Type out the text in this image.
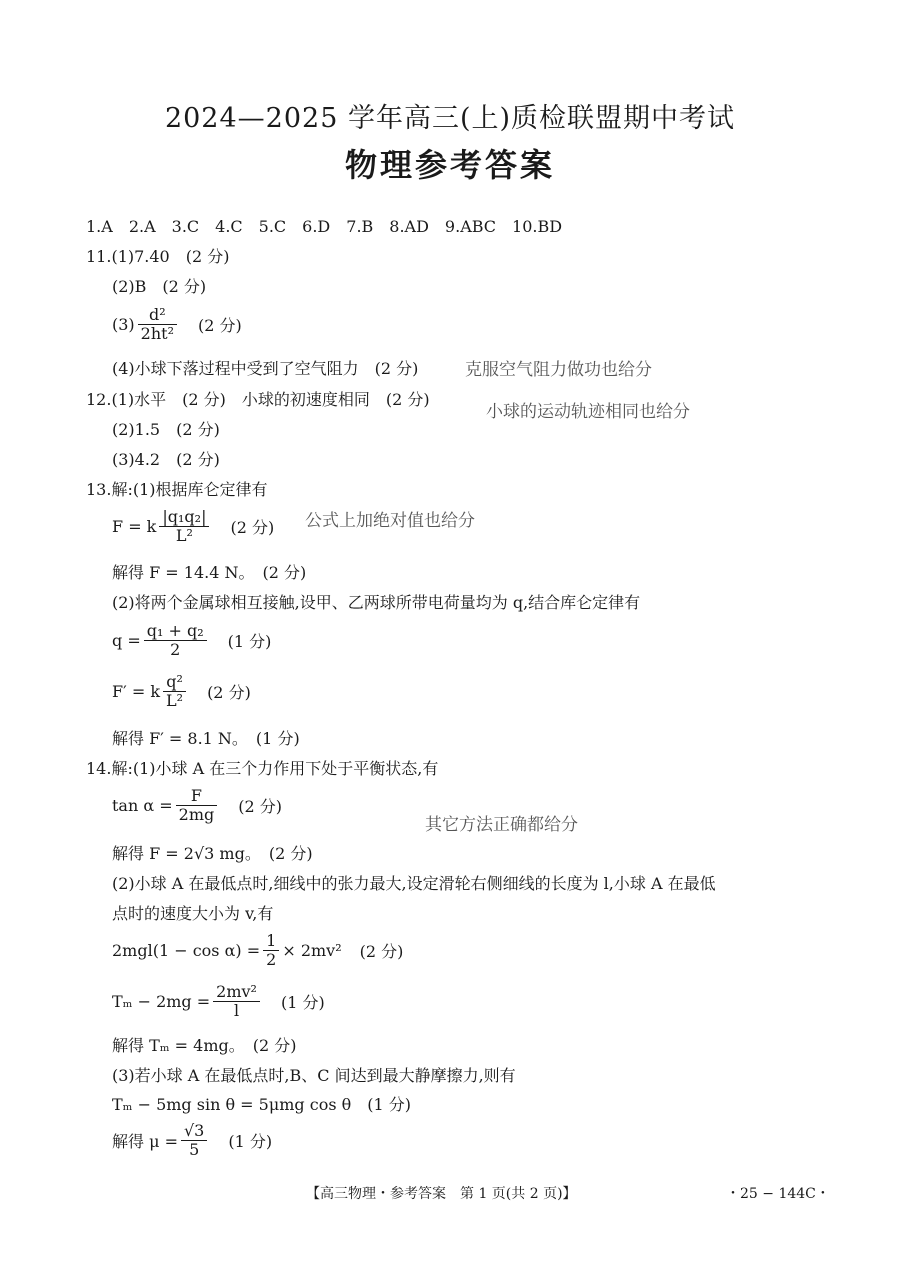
2024—2025 学年高三(上)质检联盟期中考试
物理参考答案
1.A　2.A　3.C　4.C　5.C　6.D　7.B　8.AD　9.ABC　10.BD
11.(1)7.40　(2 分)
(2)B　(2 分)
$(3) \frac{\text{d²}}{\text{2ht²}} (2$ 分)
(4)小球下落过程中受到了空气阻力　(2 分)	克服空气阻力做功也给分
12.(1)水平　(2 分)　小球的初速度相同　(2 分)
小球的运动轨迹相同也给分
(2)1.5　(2 分)
(3)4.2　(2 分)
13.解:(1)根据库仑定律有
F = k $\frac{\text{|q₁q₂|}}{\text{L²}} (2$ 分) 公式上加绝对值也给分
解得 F = 14.4 N。　(2 分)
(2)将两个金属球相互接触,设甲、乙两球所带电荷量均为 q,结合库仑定律有
$q = \frac{\text{q₁ + q₂}}{2} (1$ 分)
F′ = k $\frac{\text{q²}}{\text{L²}} (2$ 分)
解得 F′ = 8.1 N。　(1 分)
14.解:(1)小球 A 在三个力作用下处于平衡状态,有
$\tan \alpha = \frac{F}{2mg} (2$ 分)
其它方法正确都给分
解得 F = 2√3 mg。　(2 分)
(2)小球 A 在最低点时,细线中的张力最大,设定滑轮右侧细线的长度为 l,小球 A 在最低
点时的速度大小为 v,有
$2mgl(1 - \cos \alpha) = \frac{1}{2} \times 2mv^2$ (2 分)
$T_m - 2mg = \frac{\text{2mv²}}{l} (1$ 分)
解得 Tₘ = 4mg。　(2 分)
(3)若小球 A 在最低点时,B、C 间达到最大静摩擦力,则有
Tₘ − 5mg sin θ = 5μmg cos θ　(1 分)
解得 $\mu = \frac{√3}{5} (1$ 分)
【高三物理・参考答案　第 1 页(共 2 页)】	・25 − 144C・
